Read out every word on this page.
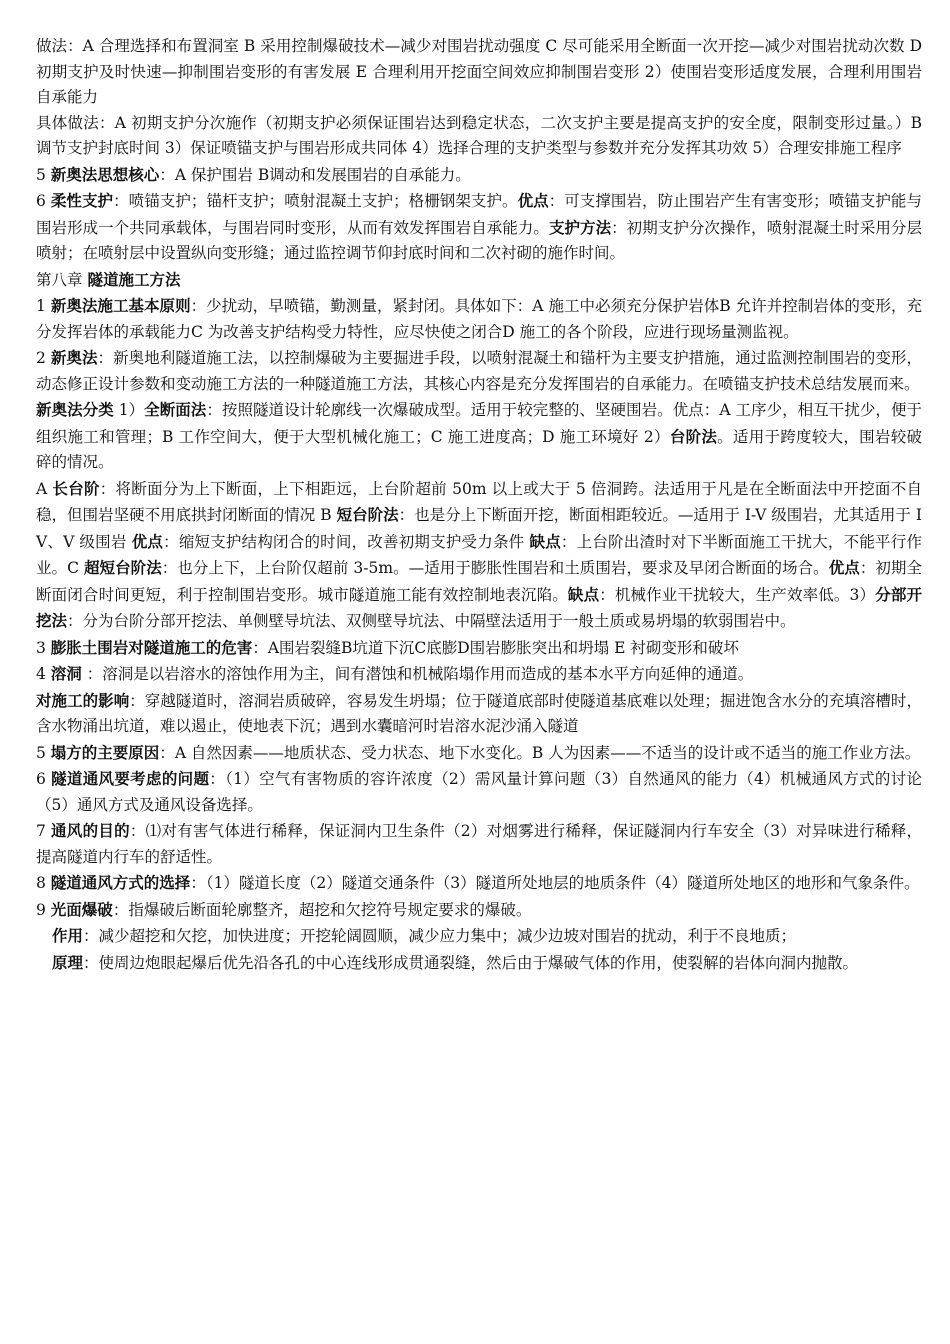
做法：A 合理选择和布置洞室 B 采用控制爆破技术—减少对围岩扰动强度 C 尽可能采用全断面一次开挖—减少对围岩扰动次数 D 初期支护及时快速—抑制围岩变形的有害发展 E 合理利用开挖面空间效应抑制围岩变形 2）使围岩变形适度发展，合理利用围岩自承能力

具体做法：A 初期支护分次施作（初期支护必须保证围岩达到稳定状态，二次支护主要是提高支护的安全度，限制变形过量。）B 调节支护封底时间 3）保证喷锚支护与围岩形成共同体 4）选择合理的支护类型与参数并充分发挥其功效 5）合理安排施工程序

5 新奥法思想核心：A 保护围岩 B调动和发展围岩的自承能力。

6 柔性支护：喷锚支护；锚杆支护；喷射混凝土支护；格栅钢架支护。优点：可支撑围岩，防止围岩产生有害变形；喷锚支护能与围岩形成一个共同承载体，与围岩同时变形，从而有效发挥围岩自承能力。支护方法：初期支护分次操作，喷射混凝土时采用分层喷射；在喷射层中设置纵向变形缝；通过监控调节仰封底时间和二次衬砌的施作时间。

第八章 隧道施工方法

1 新奥法施工基本原则：少扰动，早喷锚，勤测量，紧封闭。具体如下：A 施工中必须充分保护岩体B 允许并控制岩体的变形，充分发挥岩体的承载能力C 为改善支护结构受力特性，应尽快使之闭合D 施工的各个阶段，应进行现场量测监视。

2 新奥法：新奥地利隧道施工法，以控制爆破为主要掘进手段，以喷射混凝土和锚杆为主要支护措施，通过监测控制围岩的变形，动态修正设计参数和变动施工方法的一种隧道施工方法，其核心内容是充分发挥围岩的自承能力。在喷锚支护技术总结发展而来。

新奥法分类 1）全断面法：按照隧道设计轮廓线一次爆破成型。适用于较完整的、坚硬围岩。优点：A 工序少，相互干扰少，便于组织施工和管理；B 工作空间大，便于大型机械化施工；C 施工进度高；D 施工环境好 2）台阶法。适用于跨度较大，围岩较破碎的情况。

A 长台阶：将断面分为上下断面，上下相距远，上台阶超前 50m 以上或大于 5 倍洞跨。法适用于凡是在全断面法中开挖面不自稳，但围岩坚硬不用底拱封闭断面的情况 B 短台阶法：也是分上下断面开挖，断面相距较近。—适用于 I-V 级围岩，尤其适用于 IV、V 级围岩 优点：缩短支护结构闭合的时间，改善初期支护受力条件 缺点：上台阶出渣时对下半断面施工干扰大，不能平行作业。C 超短台阶法：也分上下，上台阶仅超前 3-5m。—适用于膨胀性围岩和土质围岩，要求及早闭合断面的场合。优点：初期全断面闭合时间更短，利于控制围岩变形。城市隧道施工能有效控制地表沉陷。缺点：机械作业干扰较大，生产效率低。3）分部开挖法：分为台阶分部开挖法、单侧壁导坑法、双侧壁导坑法、中隔壁法适用于一般土质或易坍塌的软弱围岩中。

3 膨胀土围岩对隧道施工的危害：A围岩裂缝B坑道下沉C底膨D围岩膨胀突出和坍塌 E 衬砌变形和破坏

4 溶洞 ：溶洞是以岩溶水的溶蚀作用为主，间有潜蚀和机械陷塌作用而造成的基本水平方向延伸的通道。

对施工的影响：穿越隧道时，溶洞岩质破碎，容易发生坍塌；位于隧道底部时使隧道基底难以处理；掘进饱含水分的充填溶槽时，含水物涌出坑道，难以遏止，使地表下沉；遇到水囊暗河时岩溶水泥沙涌入隧道

5 塌方的主要原因：A 自然因素——地质状态、受力状态、地下水变化。B 人为因素——不适当的设计或不适当的施工作业方法。

6 隧道通风要考虑的问题：（1）空气有害物质的容许浓度（2）需风量计算问题（3）自然通风的能力（4）机械通风方式的讨论（5）通风方式及通风设备选择。

7 通风的目的：⑴对有害气体进行稀释，保证洞内卫生条件（2）对烟雾进行稀释，保证隧洞内行车安全（3）对异味进行稀释，提高隧道内行车的舒适性。

8 隧道通风方式的选择：（1）隧道长度（2）隧道交通条件（3）隧道所处地层的地质条件（4）隧道所处地区的地形和气象条件。

9 光面爆破：指爆破后断面轮廓整齐，超挖和欠挖符号规定要求的爆破。

作用：减少超挖和欠挖，加快进度；开挖轮阔圆顺，减少应力集中；减少边坡对围岩的扰动，利于不良地质；

原理：使周边炮眼起爆后优先沿各孔的中心连线形成贯通裂缝，然后由于爆破气体的作用，使裂解的岩体向洞内抛散。
